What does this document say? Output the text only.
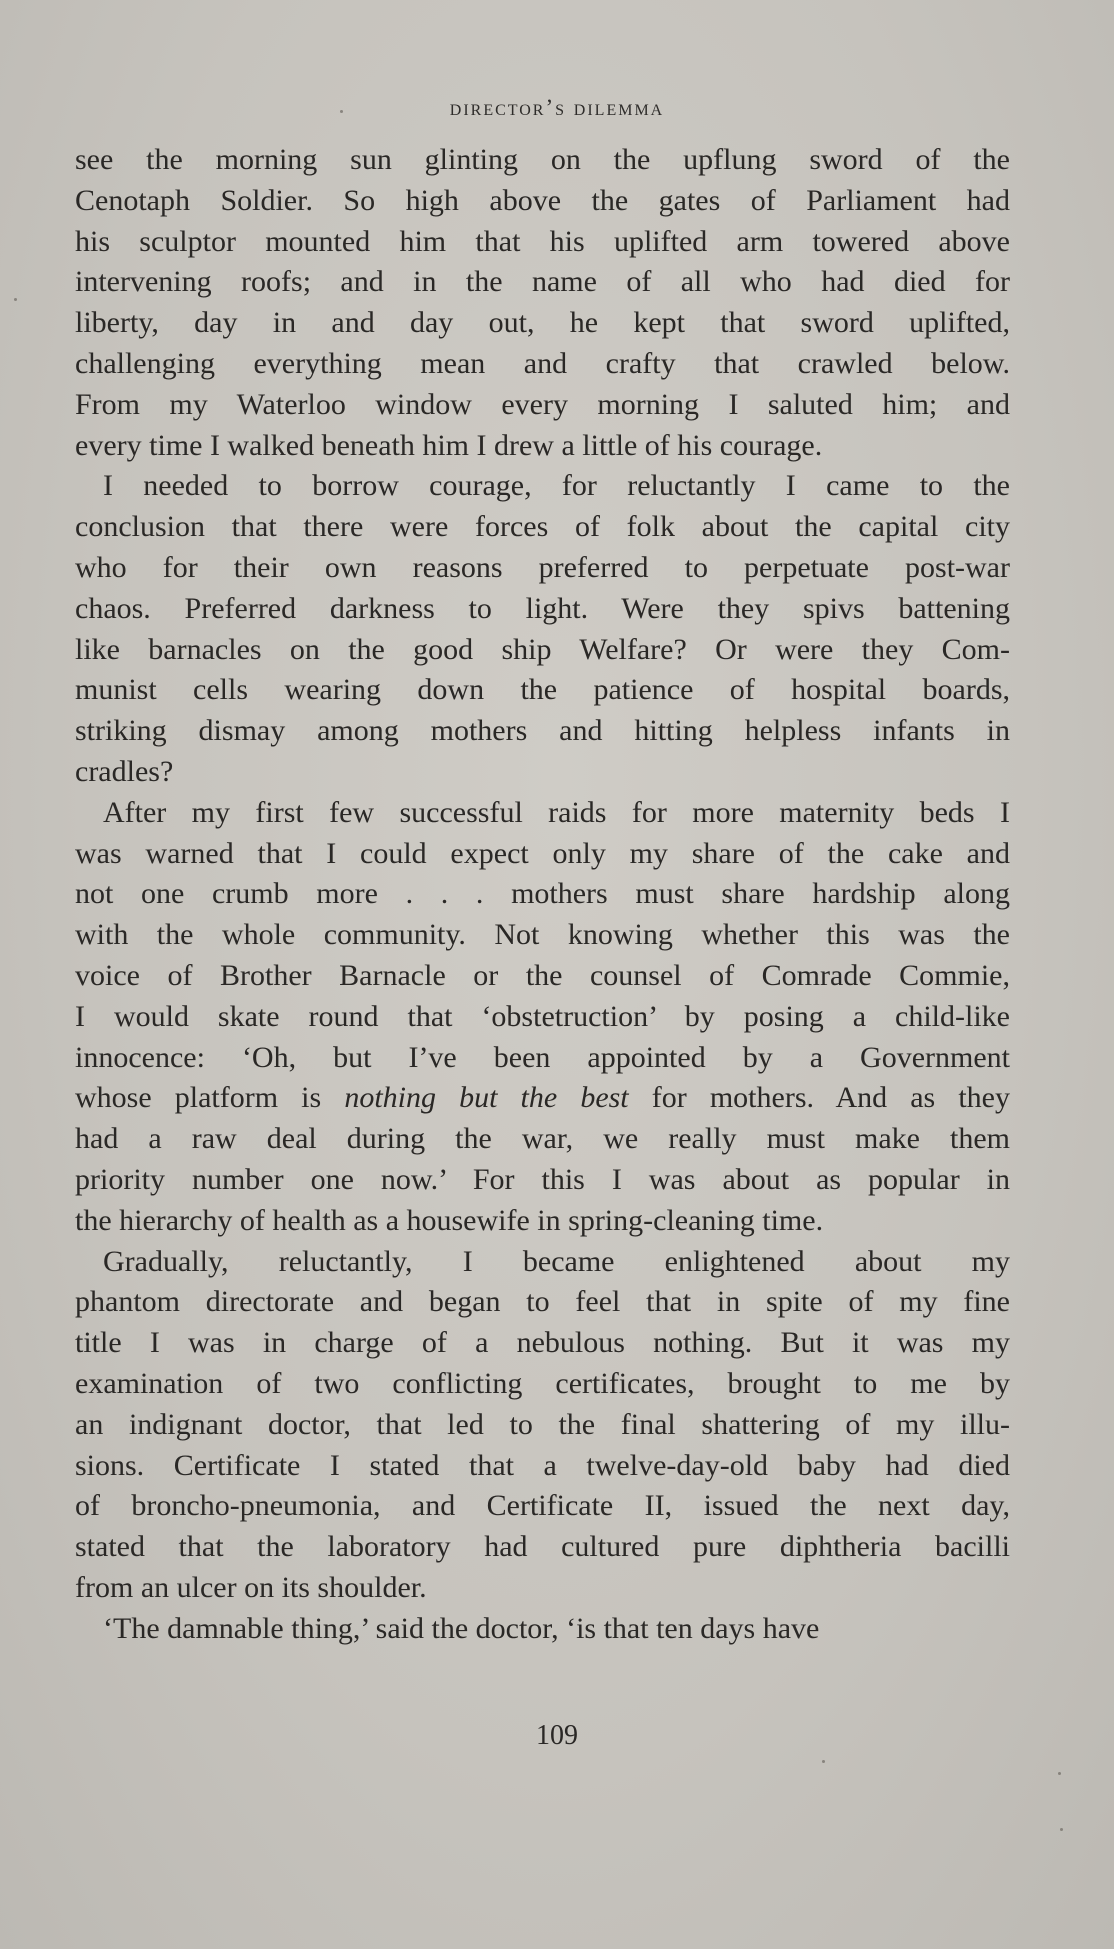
director’s dilemma

see the morning sun glinting on the upflung sword of the

Cenotaph Soldier. So high above the gates of Parliament had

his sculptor mounted him that his uplifted arm towered above

intervening roofs; and in the name of all who had died for

liberty, day in and day out, he kept that sword uplifted,

challenging everything mean and crafty that crawled below.

From my Waterloo window every morning I saluted him; and

every time I walked beneath him I drew a little of his courage.

I needed to borrow courage, for reluctantly I came to the

conclusion that there were forces of folk about the capital city

who for their own reasons preferred to perpetuate post-war

chaos. Preferred darkness to light. Were they spivs battening

like barnacles on the good ship Welfare? Or were they Com-

munist cells wearing down the patience of hospital boards,

striking dismay among mothers and hitting helpless infants in

cradles?

After my first few successful raids for more maternity beds I

was warned that I could expect only my share of the cake and

not one crumb more . . . mothers must share hardship along

with the whole community. Not knowing whether this was the

voice of Brother Barnacle or the counsel of Comrade Commie,

I would skate round that ‘obstetruction’ by posing a child-like

innocence: ‘Oh, but I’ve been appointed by a Government

whose platform is nothing but the best for mothers. And as they

had a raw deal during the war, we really must make them

priority number one now.’ For this I was about as popular in

the hierarchy of health as a housewife in spring-cleaning time.

Gradually, reluctantly, I became enlightened about my

phantom directorate and began to feel that in spite of my fine

title I was in charge of a nebulous nothing. But it was my

examination of two conflicting certificates, brought to me by

an indignant doctor, that led to the final shattering of my illu-

sions. Certificate I stated that a twelve-day-old baby had died

of broncho-pneumonia, and Certificate II, issued the next day,

stated that the laboratory had cultured pure diphtheria bacilli

from an ulcer on its shoulder.

‘The damnable thing,’ said the doctor, ‘is that ten days have

109
